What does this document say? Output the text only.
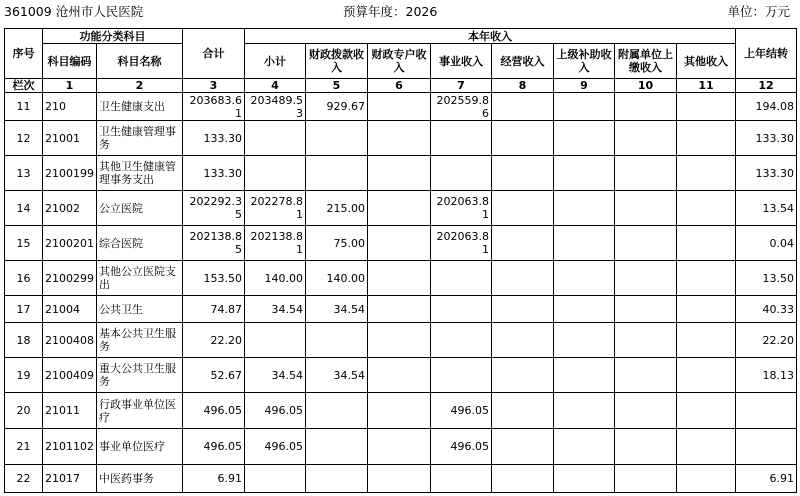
361009 沧州市人民医院	预算年度：2026	单位：万元
序号	功能分类科目		合计	本年收入								上年结转
	科目编码	科目名称		小计	财政拨款收入	财政专户收入	事业收入	经营收入	上级补助收入	附属单位上缴收入	其他收入	
栏次	1	2	3	4	5	6	7	8	9	10	11	12
11	210	卫生健康支出	203683.61	203489.53	929.67		202559.86					194.08
12	21001	卫生健康管理事务	133.30									133.30
13	2100199	其他卫生健康管理事务支出	133.30									133.30
14	21002	公立医院	202292.35	202278.81	215.00		202063.81					13.54
15	2100201	综合医院	202138.85	202138.81	75.00		202063.81					0.04
16	2100299	其他公立医院支出	153.50	140.00	140.00							13.50
17	21004	公共卫生	74.87	34.54	34.54							40.33
18	2100408	基本公共卫生服务	22.20									22.20
19	2100409	重大公共卫生服务	52.67	34.54	34.54							18.13
20	21011	行政事业单位医疗	496.05	496.05			496.05					
21	2101102	事业单位医疗	496.05	496.05			496.05					
22	21017	中医药事务	6.91									6.91
